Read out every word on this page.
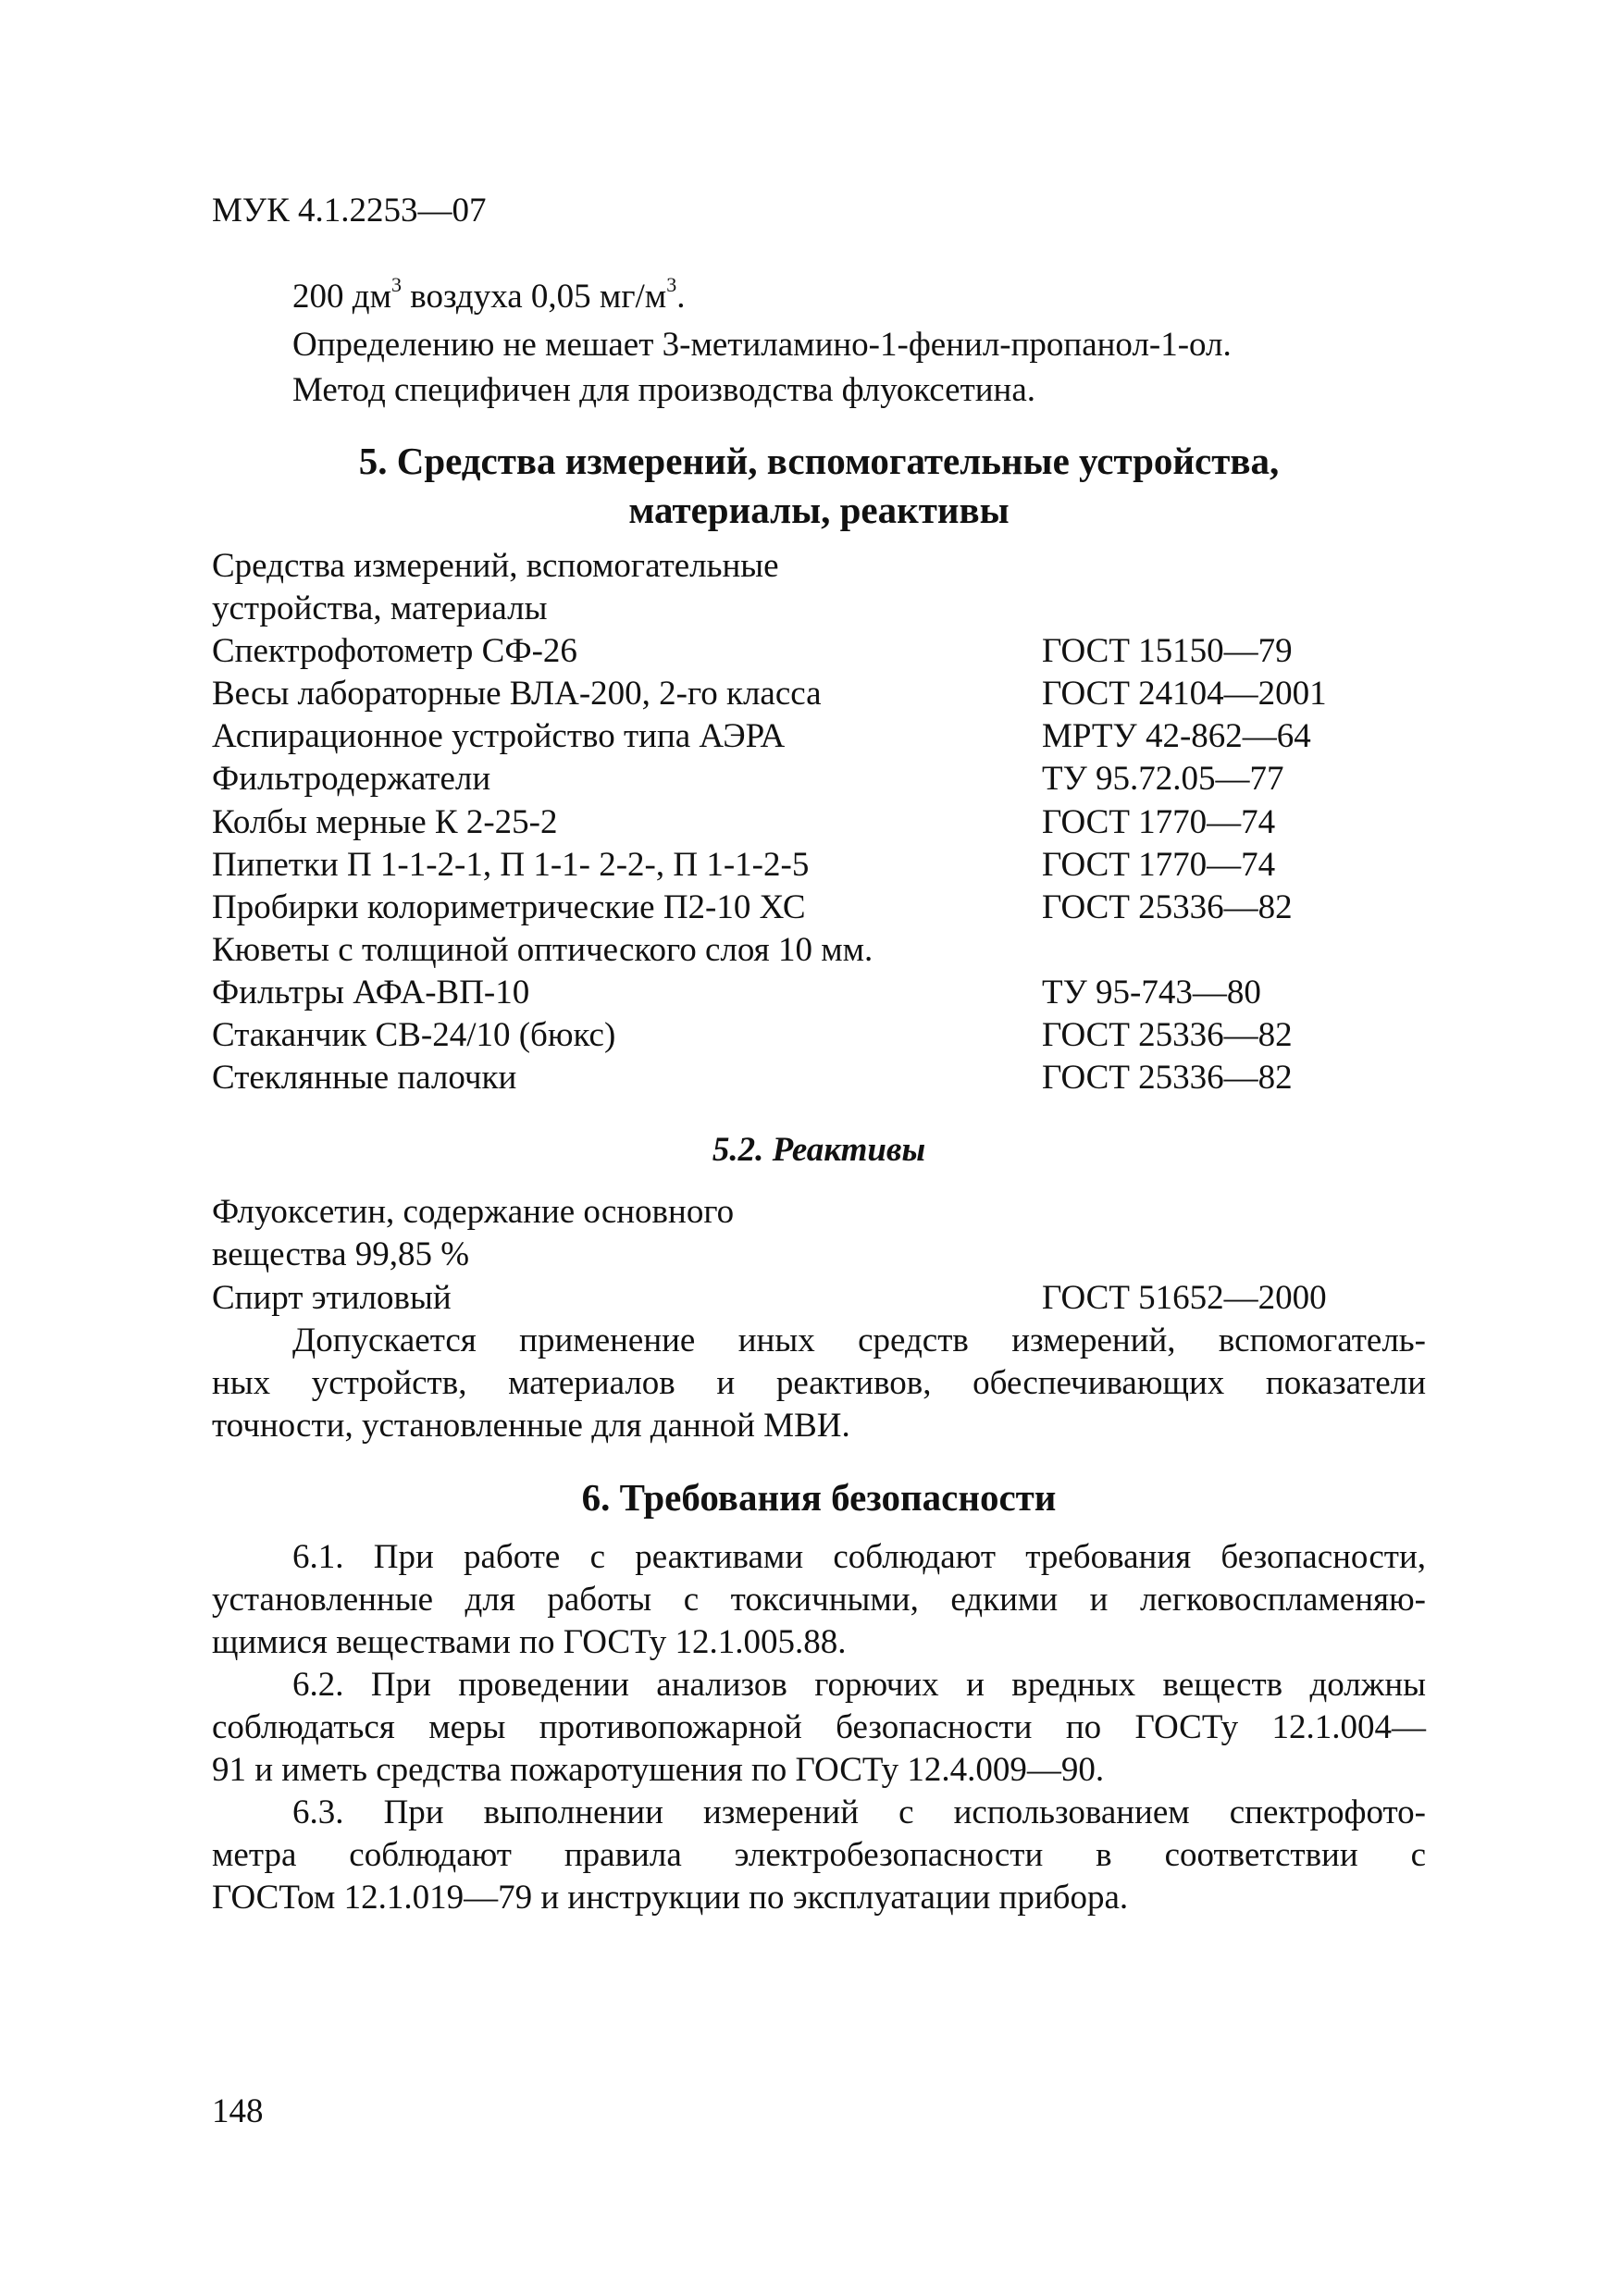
МУК 4.1.2253—07
200 $дм^3$ воздуха 0,05 $мг/м^3$.
Определению не мешает 3-метиламино-1-фенил-пропанол-1-ол.
Метод специфичен для производства флуоксетина.
5. Средства измерений, вспомогательные устройства,
материалы, реактивы
Средства измерений, вспомогательные
устройства, материалы
Спектрофотометр СФ-26	ГОСТ 15150—79
Весы лабораторные ВЛА-200, 2-го класса	ГОСТ 24104—2001
Аспирационное устройство типа АЭРА	МРТУ 42-862—64
Фильтродержатели	ТУ 95.72.05—77
Колбы мерные К 2-25-2	ГОСТ 1770—74
Пипетки П 1-1-2-1, П 1-1- 2-2-, П 1-1-2-5	ГОСТ 1770—74
Пробирки колориметрические П2-10 ХС	ГОСТ 25336—82
Кюветы с толщиной оптического слоя 10 мм.
Фильтры АФА-ВП-10	ТУ 95-743—80
Стаканчик СВ-24/10 (бюкс)	ГОСТ 25336—82
Стеклянные палочки	ГОСТ 25336—82
5.2. Реактивы
Флуоксетин, содержание основного
вещества 99,85 %
Спирт этиловый	ГОСТ 51652—2000
Допускается применение иных средств измерений, вспомогатель-
ных устройств, материалов и реактивов, обеспечивающих показатели
точности, установленные для данной МВИ.
6. Требования безопасности
6.1. При работе с реактивами соблюдают требования безопасности,
установленные для работы с токсичными, едкими и легковоспламеняю-
щимися веществами по ГОСТу 12.1.005.88.
6.2. При проведении анализов горючих и вредных веществ должны
соблюдаться меры противопожарной безопасности по ГОСТу 12.1.004—
91 и иметь средства пожаротушения по ГОСТу 12.4.009—90.
6.3. При выполнении измерений с использованием спектрофото-
метра соблюдают правила электробезопасности в соответствии с
ГОСТом 12.1.019—79 и инструкции по эксплуатации прибора.
148
